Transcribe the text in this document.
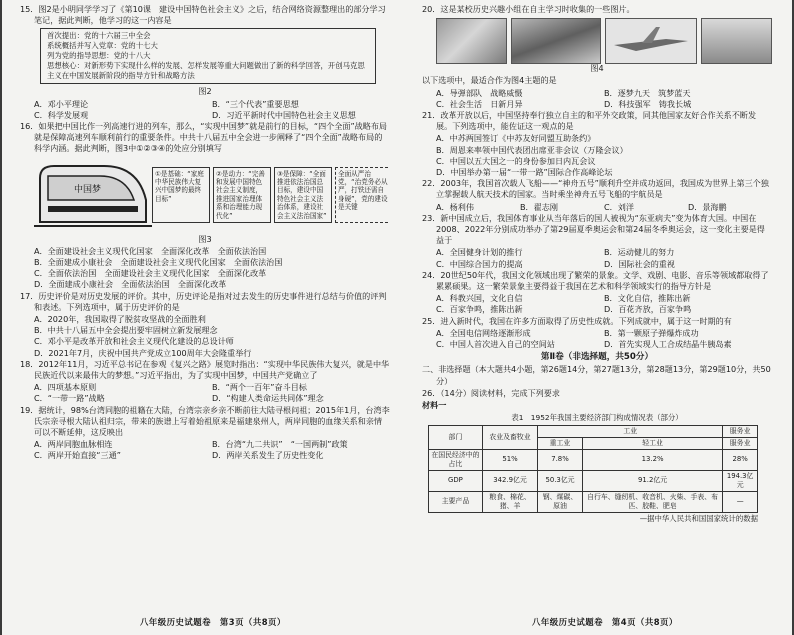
15．图2是小明同学学习了《第10课　建设中国特色社会主义》之后，结合网络资源整理出的部分学习笔记，据此判断，他学习的这一内容是

首次提出：党的十六届三中全会
系统概括并写入党章：党的十七大
列为党的指导思想：党的十八大
思想核心：对新形势下实现什么样的发展、怎样发展等重大问题做出了新的科学回答，开创马克思主义在中国发展新阶段的指导方针和战略方法
图2
A．邓小平理论	B．“三个代表”重要思想
C．科学发展观	D．习近平新时代中国特色社会主义思想

16．如果把中国比作一列高速行进的列车，那么，“实现中国梦”就是前行的目标，“四个全面”战略布局就是保障高速列车顺利前行的重要条件。中共十八届五中全会进一步阐释了“四个全面”战略布局的科学内涵。据此判断，图3中①②③④的处应分别填写

中国梦
①是基础：“家庭中华民族伟大复兴中国梦的最终目标”
②是动力：“完善和发展中国特色社会主义制度，推进国家治理体系和治理能力现代化”
③是保障：“全面推进依法治国总目标，建设中国特色社会主义法治体系，建设社会主义法治国家”
全面从严治党，“治党务必从严，打铁还需自身硬”，党的建设是关键
图3
A．全面建设社会主义现代化国家　全面深化改革　全面依法治国
B．全面建成小康社会　全面建设社会主义现代化国家　全面依法治国
C．全面依法治国　全面建设社会主义现代化国家　全面深化改革
D．全面建成小康社会　全面依法治国　全面深化改革

17．历史评价是对历史发展的评价。其中，历史评论是指对过去发生的历史事件进行总结与价值的评判和表述。下列选项中，属于历史评价的是

A．2020年，我国取得了脱贫攻坚战的全面胜利
B．中共十八届五中全会提出要牢固树立新发展理念
C．邓小平是改革开放和社会主义现代化建设的总设计师
D．2021年7月，庆祝中国共产党成立100周年大会隆重举行

18．2012年11月，习近平总书记在参观《复兴之路》展览时指出：“实现中华民族伟大复兴，就是中华民族近代以来最伟大的梦想。”习近平指出，为了实现中国梦，中国共产党确立了

A．四项基本原则	B．“两个一百年”奋斗目标
C．“一带一路”战略	D．“构建人类命运共同体”理念

19．据统计，98%台湾同胞的祖籍在大陆，台湾宗亲乡亲不断前往大陆寻根问祖；2015年1月，台湾李氏宗亲寻根大陆认祖归宗，带来的族谱上写着始祖原来是福建泉州人，两岸同胞的血缘关系和亲情可以不断延伸，这反映出

A．两岸同胞血脉相连	B．台湾“九二共识”　“一国两制”政策
C．两岸开始直接“三通”	D．两岸关系发生了历史性变化
八年级历史试题卷　第3页（共8页）

20．这是某校历史兴趣小组在自主学习时收集的一些图片。

图4

以下选项中，最适合作为图4主题的是

A．导弹部队　战略威慑	B．逐梦九天　筑梦蓝天
C．社会生活　日新月异	D．科技强军　铸我长城

21．改革开放以后，中国坚持奉行独立自主的和平外交政策，同其他国家友好合作关系不断发展。下列选项中，能佐证这一观点的是

A．中苏两国签订《中苏友好同盟互助条约》
B．周恩来率领中国代表团出席亚非会议（万隆会议）
C．中国以五大国之一的身份参加日内瓦会议
D．中国举办第一届“一带一路”国际合作高峰论坛

22．2003年，我国首次载人飞船——“神舟五号”顺利升空并成功返回，我国成为世界上第三个独立掌握载人航天技术的国家。当时乘坐神舟五号飞船的宇航员是

A．杨利伟	B．翟志刚	C．刘洋	D．景海鹏

23．新中国成立后，我国体育事业从当年落后的国人被视为“东亚病夫”变为体育大国。中国在2008、2022年分别成功举办了第29届夏季奥运会和第24届冬季奥运会，这一变化主要是得益于

A．全国健身计划的推行	B．运动健儿的努力
C．中国综合国力的提高	D．国际社会的重视

24．20世纪50年代，我国文化领域出现了繁荣的景象。文学、戏剧、电影、音乐等领域都取得了累累硕果。这一繁荣景象主要得益于我国在艺术和科学领域实行的指导方针是

A．科教兴国，文化自信	B．文化自信，推陈出新
C．百家争鸣，推陈出新	D．百花齐放，百家争鸣

25．进入新时代，我国在许多方面取得了历史性成就。下列成就中，属于这一时期的有

A．全国电信网络逐渐形成	B．第一颗原子弹爆炸成功
C．中国人首次进入自己的空间站	D．首先实现人工合成结晶牛胰岛素
第Ⅱ卷（非选择题，共50分）

二、非选择题（本大题共4小题，第26题14分，第27题13分，第28题13分，第29题10分，共50分）

26．（14分）阅读材料，完成下列要求

材料一
表1　1952年我国主要经济部门构成情况表（部分）
部门	农业及畜牧业	工业		服务业
		重工业	轻工业	服务业
在国民经济中的占比	51%	7.8%	13.2%	28%
GDP	342.9亿元	50.3亿元	91.2亿元	194.3亿元
主要产品	粮食、棉花、猪、羊	钢、煤碳、原油	自行车、缝纫机、收音机、火柴、手表、布匹、胶鞋、肥皂	—
—据中华人民共和国国家统计的数据
八年级历史试题卷　第4页（共8页）
